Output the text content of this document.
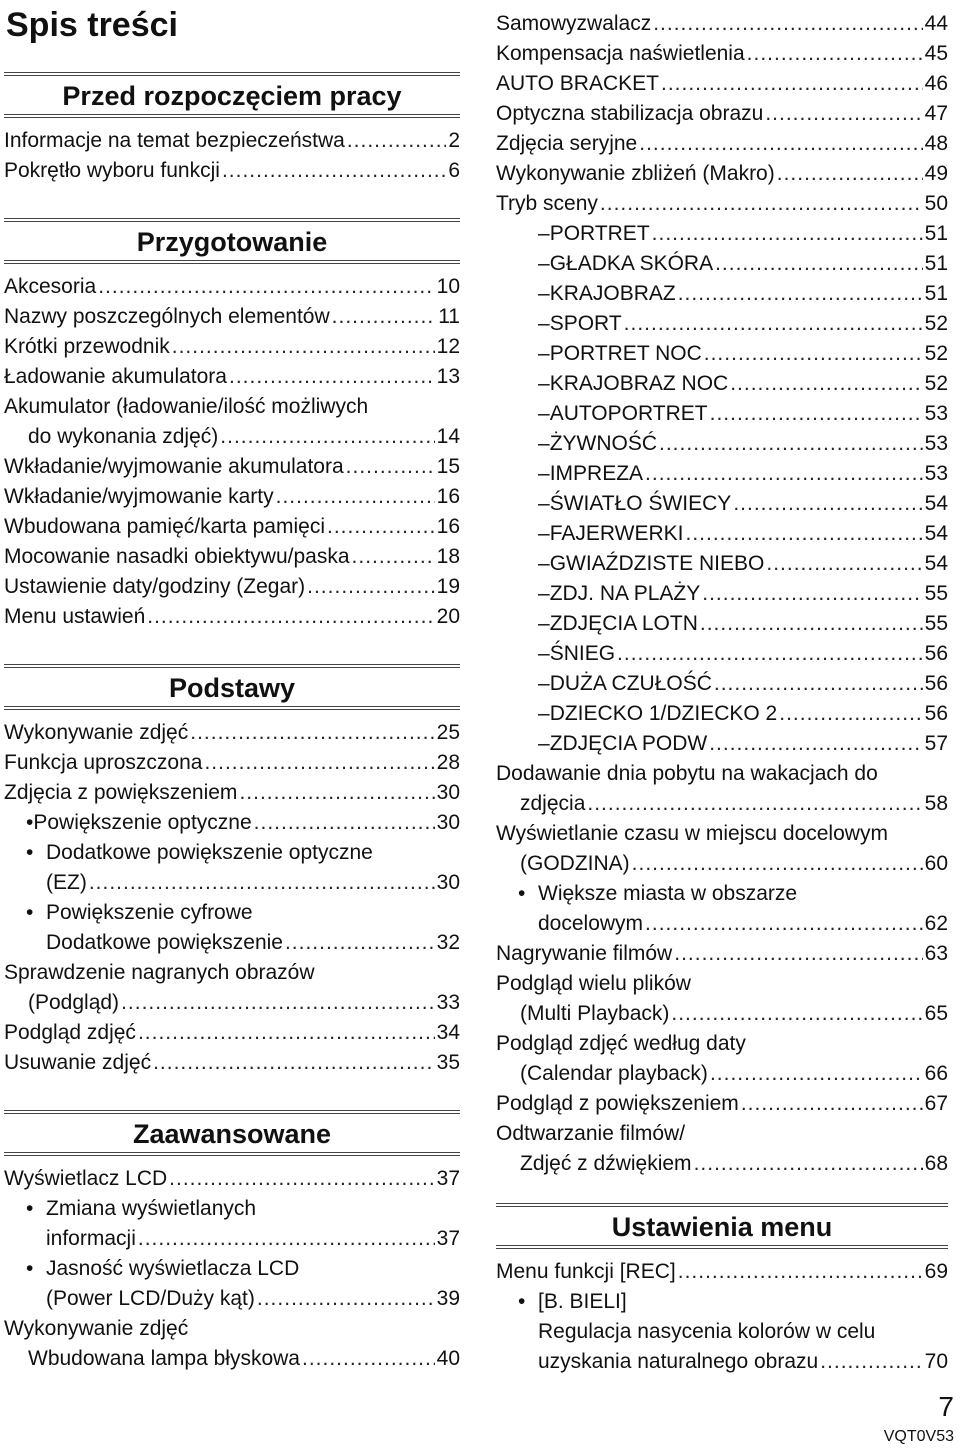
Spis treści
Przed rozpoczęciem pracy
Informacje na temat bezpieczeństwa .....	2
Pokrętło wyboru funkcji .....	6
Przygotowanie
Akcesoria .....	10
Nazwy poszczególnych elementów .....	11
Krótki przewodnik .....	12
Ładowanie akumulatora .....	13
Akumulator (ładowanie/ilość możliwych
do wykonania zdjęć) .....	14
Wkładanie/wyjmowanie akumulatora .....	15
Wkładanie/wyjmowanie karty .....	16
Wbudowana pamięć/karta pamięci .....	16
Mocowanie nasadki obiektywu/paska .....	18
Ustawienie daty/godziny (Zegar) .....	19
Menu ustawień .....	20
Podstawy
Wykonywanie zdjęć .....	25
Funkcja uproszczona .....	28
Zdjęcia z powiększeniem .....	30
• Powiększenie optyczne .....	30
• Dodatkowe powiększenie optyczne
(EZ) .....	30
• Powiększenie cyfrowe
Dodatkowe powiększenie .....	32
Sprawdzenie nagranych obrazów
(Podgląd) .....	33
Podgląd zdjęć .....	34
Usuwanie zdjęć .....	35
Zaawansowane
Wyświetlacz LCD .....	37
• Zmiana wyświetlanych
informacji .....	37
• Jasność wyświetlacza LCD
(Power LCD/Duży kąt) .....	39
Wykonywanie zdjęć
Wbudowana lampa błyskowa .....	40
Samowyzwalacz .....	44
Kompensacja naświetlenia .....	45
AUTO BRACKET .....	46
Optyczna stabilizacja obrazu .....	47
Zdjęcia seryjne .....	48
Wykonywanie zbliżeń (Makro) .....	49
Tryb sceny .....	50
– PORTRET .....	51
– GŁADKA SKÓRA .....	51
– KRAJOBRAZ .....	51
– SPORT .....	52
– PORTRET NOC .....	52
– KRAJOBRAZ NOC .....	52
– AUTOPORTRET .....	53
– ŻYWNOŚĆ .....	53
– IMPREZA .....	53
– ŚWIATŁO ŚWIECY .....	54
– FAJERWERKI .....	54
– GWIAŹDZISTE NIEBO .....	54
– ZDJ. NA PLAŻY .....	55
– ZDJĘCIA LOTN .....	55
– ŚNIEG .....	56
– DUŻA CZUŁOŚĆ .....	56
– DZIECKO 1/DZIECKO 2 .....	56
– ZDJĘCIA PODW .....	57
Dodawanie dnia pobytu na wakacjach do
zdjęcia .....	58
Wyświetlanie czasu w miejscu docelowym
(GODZINA) .....	60
• Większe miasta w obszarze
docelowym .....	62
Nagrywanie filmów .....	63
Podgląd wielu plików
(Multi Playback) .....	65
Podgląd zdjęć według daty
(Calendar playback) .....	66
Podgląd z powiększeniem .....	67
Odtwarzanie filmów/
Zdjęć z dźwiękiem .....	68
Ustawienia menu
Menu funkcji [REC] .....	69
• [B. BIELI]
Regulacja nasycenia kolorów w celu
uzyskania naturalnego obrazu .....	70
7
VQT0V53
